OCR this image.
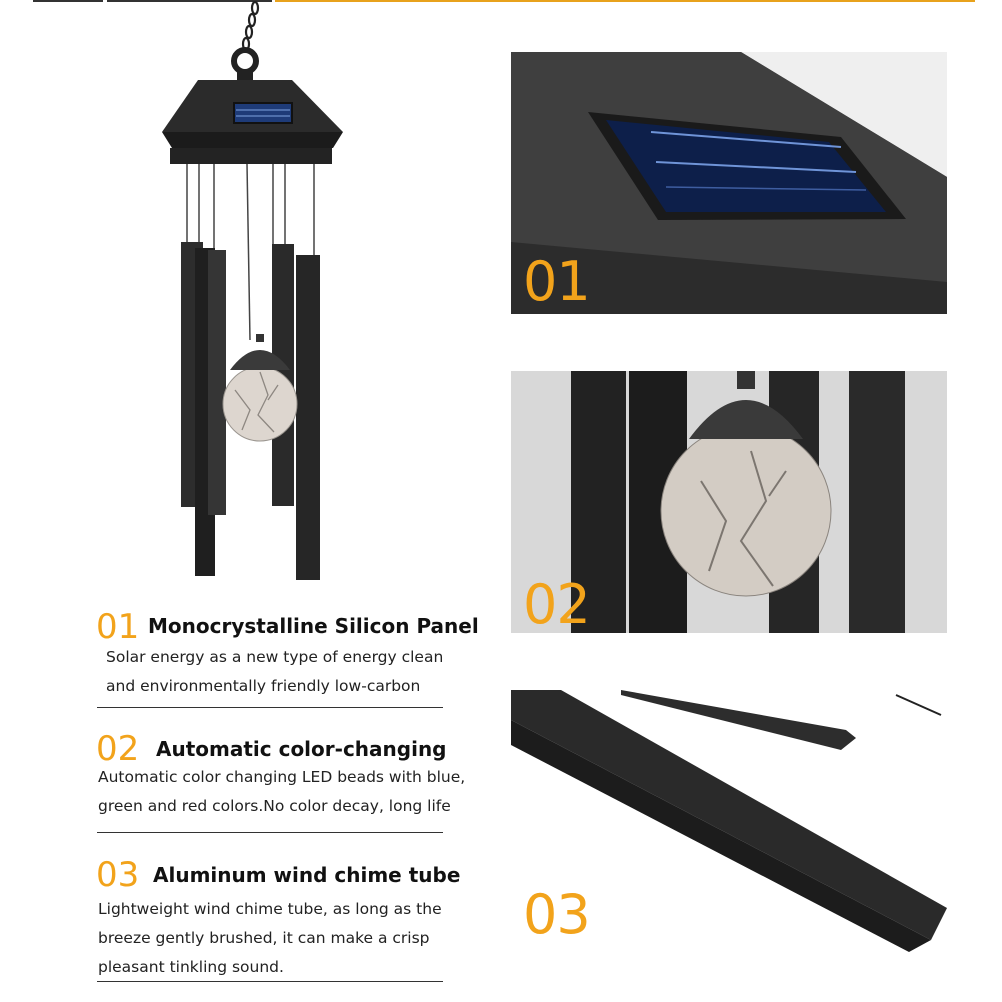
01
02
03
01 Monocrystalline Silicon Panel
Solar energy as a new type of energy clean
and environmentally friendly low-carbon
02 Automatic color-changing
Automatic color changing LED beads with blue,
green and red colors.No color decay, long life
03 Aluminum wind chime tube
Lightweight wind chime tube, as long as the
breeze gently brushed, it can make a crisp
pleasant tinkling sound.
